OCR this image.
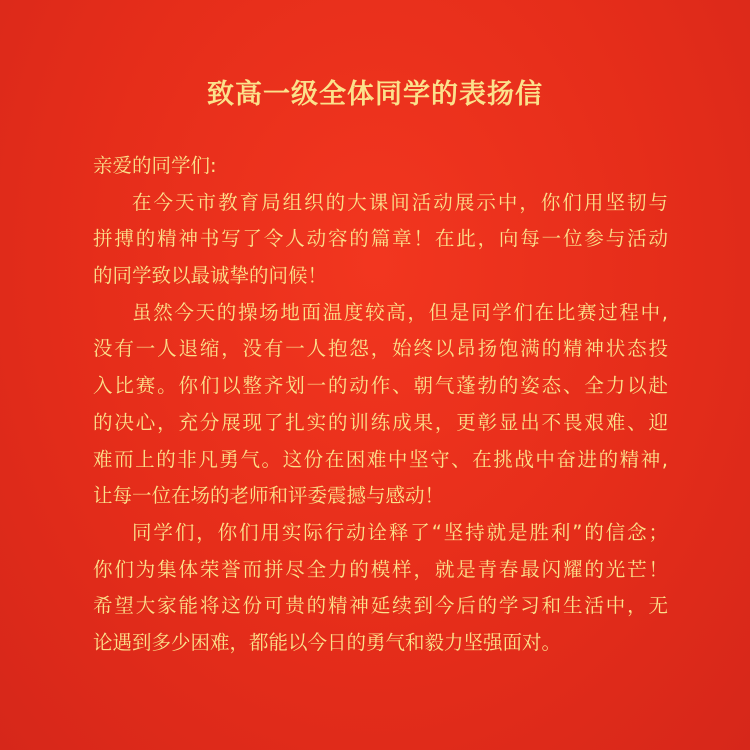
致高一级全体同学的表扬信

亲爱的同学们:

在今天市教育局组织的大课间活动展示中，你们用坚韧与
拼搏的精神书写了令人动容的篇章！在此，向每一位参与活动
的同学致以最诚挚的问候！
虽然今天的操场地面温度较高，但是同学们在比赛过程中,
没有一人退缩，没有一人抱怨，始终以昂扬饱满的精神状态投
入比赛。你们以整齐划一的动作、朝气蓬勃的姿态、全力以赴
的决心，充分展现了扎实的训练成果，更彰显出不畏艰难、迎
难而上的非凡勇气。这份在困难中坚守、在挑战中奋进的精神,
让每一位在场的老师和评委震撼与感动！
同学们，你们用实际行动诠释了“坚持就是胜利”的信念；
你们为集体荣誉而拼尽全力的模样，就是青春最闪耀的光芒！
希望大家能将这份可贵的精神延续到今后的学习和生活中，无
论遇到多少困难，都能以今日的勇气和毅力坚强面对。
